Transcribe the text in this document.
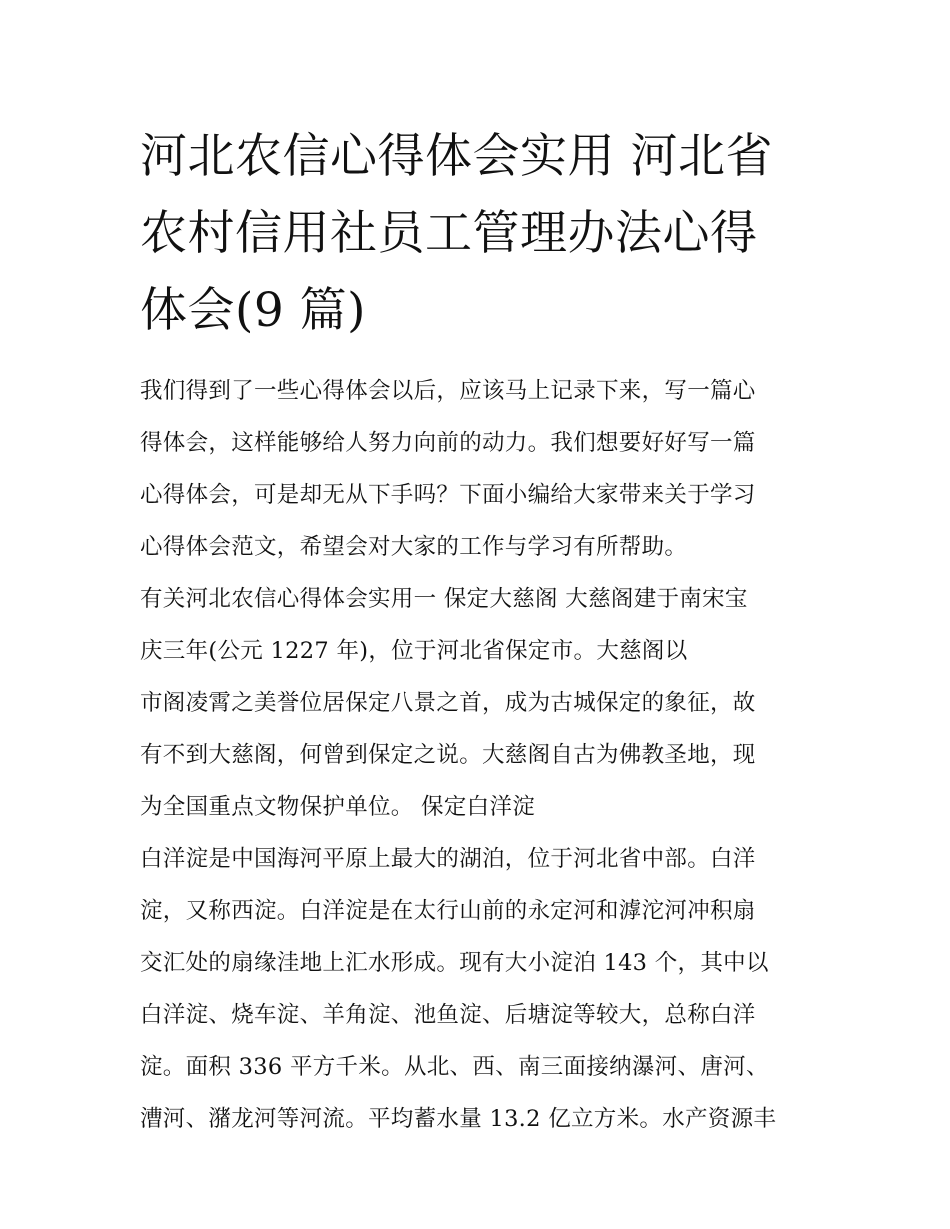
河北农信心得体会实用 河北省
农村信用社员工管理办法心得
体会(9 篇)

我们得到了一些心得体会以后，应该马上记录下来，写一篇心

得体会，这样能够给人努力向前的动力。我们想要好好写一篇

心得体会，可是却无从下手吗？下面小编给大家带来关于学习

心得体会范文，希望会对大家的工作与学习有所帮助。

有关河北农信心得体会实用一 保定大慈阁 大慈阁建于南宋宝

庆三年(公元 1227 年)，位于河北省保定市。大慈阁以

市阁凌霄之美誉位居保定八景之首，成为古城保定的象征，故

有不到大慈阁，何曾到保定之说。大慈阁自古为佛教圣地，现

为全国重点文物保护单位。 保定白洋淀

白洋淀是中国海河平原上最大的湖泊，位于河北省中部。白洋

淀，又称西淀。白洋淀是在太行山前的永定河和滹沱河冲积扇

交汇处的扇缘洼地上汇水形成。现有大小淀泊 143 个，其中以

白洋淀、烧车淀、羊角淀、池鱼淀、后塘淀等较大，总称白洋

淀。面积 336 平方千米。从北、西、南三面接纳瀑河、唐河、

漕河、潴龙河等河流。平均蓄水量 13.2 亿立方米。水产资源丰
